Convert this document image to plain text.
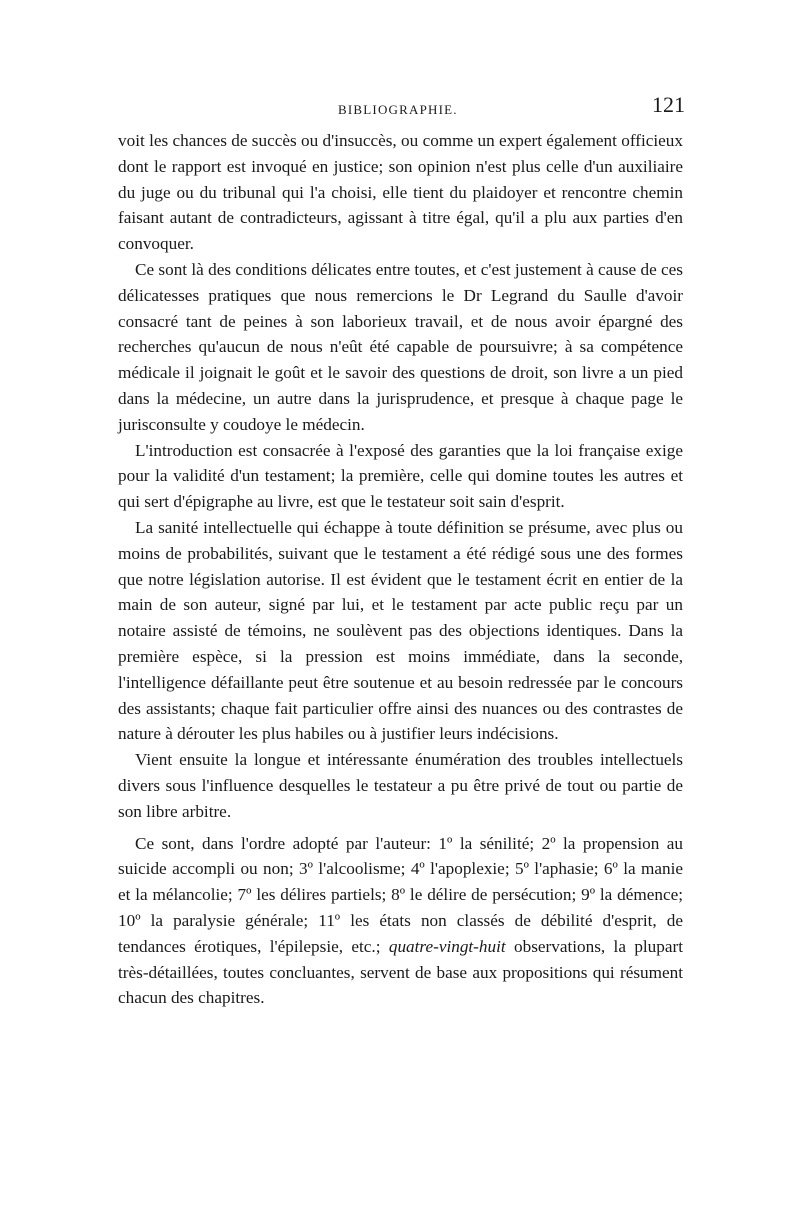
BIBLIOGRAPHIE.	121

voit les chances de succès ou d'insuccès, ou comme un expert également officieux dont le rapport est invoqué en justice; son opinion n'est plus celle d'un auxiliaire du juge ou du tribunal qui l'a choisi, elle tient du plaidoyer et rencontre chemin faisant autant de contradicteurs, agissant à titre égal, qu'il a plu aux parties d'en convoquer.

Ce sont là des conditions délicates entre toutes, et c'est justement à cause de ces délicatesses pratiques que nous remercions le Dr Legrand du Saulle d'avoir consacré tant de peines à son laborieux travail, et de nous avoir épargné des recherches qu'aucun de nous n'eût été capable de poursuivre; à sa compétence médicale il joignait le goût et le savoir des questions de droit, son livre a un pied dans la médecine, un autre dans la jurisprudence, et presque à chaque page le jurisconsulte y coudoye le médecin.

L'introduction est consacrée à l'exposé des garanties que la loi française exige pour la validité d'un testament; la première, celle qui domine toutes les autres et qui sert d'épigraphe au livre, est que le testateur soit sain d'esprit.

La sanité intellectuelle qui échappe à toute définition se présume, avec plus ou moins de probabilités, suivant que le testament a été rédigé sous une des formes que notre législation autorise. Il est évident que le testament écrit en entier de la main de son auteur, signé par lui, et le testament par acte public reçu par un notaire assisté de témoins, ne soulèvent pas des objections identiques. Dans la première espèce, si la pression est moins immédiate, dans la seconde, l'intelligence défaillante peut être soutenue et au besoin redressée par le concours des assistants; chaque fait particulier offre ainsi des nuances ou des contrastes de nature à dérouter les plus habiles ou à justifier leurs indécisions.

Vient ensuite la longue et intéressante énumération des troubles intellectuels divers sous l'influence desquelles le testateur a pu être privé de tout ou partie de son libre arbitre.

Ce sont, dans l'ordre adopté par l'auteur: 1º la sénilité; 2º la propension au suicide accompli ou non; 3º l'alcoolisme; 4º l'apoplexie; 5º l'aphasie; 6º la manie et la mélancolie; 7º les délires partiels; 8º le délire de persécution; 9º la démence; 10º la paralysie générale; 11º les états non classés de débilité d'esprit, de tendances érotiques, l'épilepsie, etc.; quatre-vingt-huit observations, la plupart très-détaillées, toutes concluantes, servent de base aux propositions qui résument chacun des chapitres.
